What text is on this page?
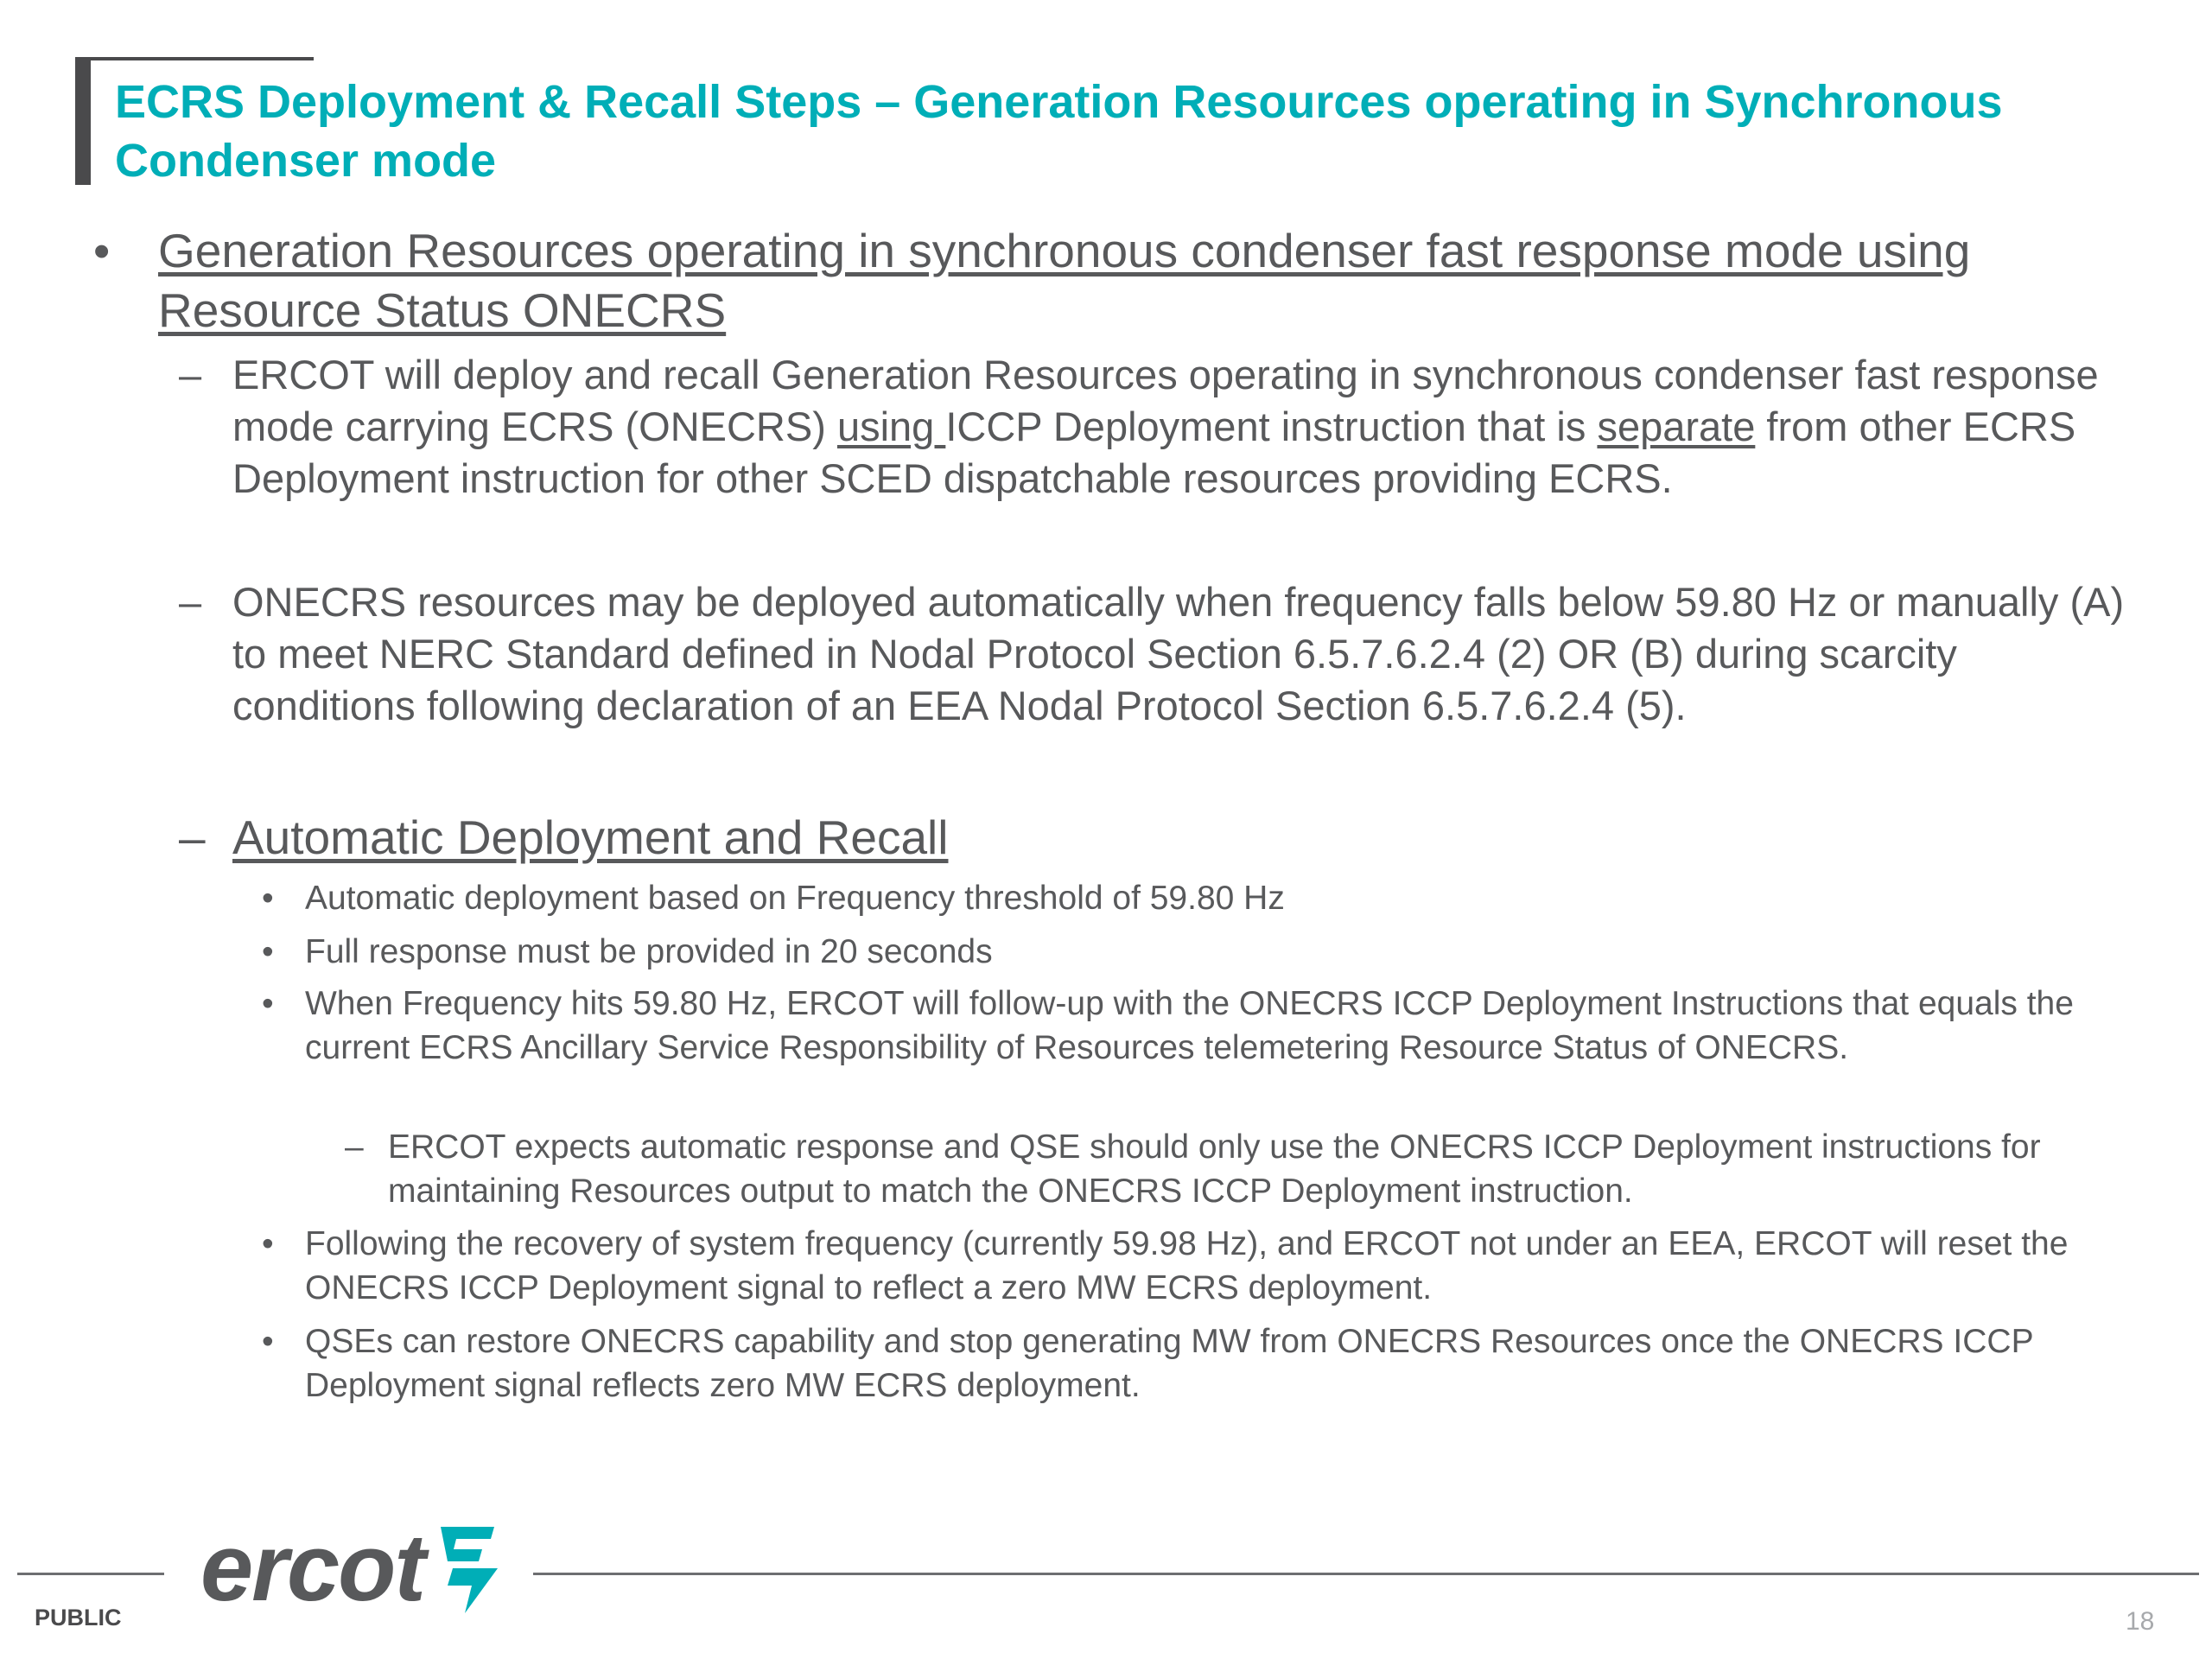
ECRS Deployment & Recall Steps – Generation Resources operating in Synchronous Condenser mode
• Generation Resources operating in synchronous condenser fast response mode using Resource Status ONECRS
– ERCOT will deploy and recall Generation Resources operating in synchronous condenser fast response mode carrying ECRS (ONECRS) using ICCP Deployment instruction that is separate from other ECRS Deployment instruction for other SCED dispatchable resources providing ECRS.
– ONECRS resources may be deployed automatically when frequency falls below 59.80 Hz or manually (A) to meet NERC Standard defined in Nodal Protocol Section 6.5.7.6.2.4 (2) OR (B) during scarcity conditions following declaration of an EEA Nodal Protocol Section 6.5.7.6.2.4 (5).
– Automatic Deployment and Recall
• Automatic deployment based on Frequency threshold of 59.80 Hz
• Full response must be provided in 20 seconds
• When Frequency hits 59.80 Hz, ERCOT will follow-up with the ONECRS ICCP Deployment Instructions that equals the current ECRS Ancillary Service Responsibility of Resources telemetering Resource Status of ONECRS.
– ERCOT expects automatic response and QSE should only use the ONECRS ICCP Deployment instructions for maintaining Resources output to match the ONECRS ICCP Deployment instruction.
• Following the recovery of system frequency (currently 59.98 Hz), and ERCOT not under an EEA, ERCOT will reset the ONECRS ICCP Deployment signal to reflect a zero MW ECRS deployment.
• QSEs can restore ONECRS capability and stop generating MW from ONECRS Resources once the ONECRS ICCP Deployment signal reflects zero MW ECRS deployment.
ercot
PUBLIC	18
